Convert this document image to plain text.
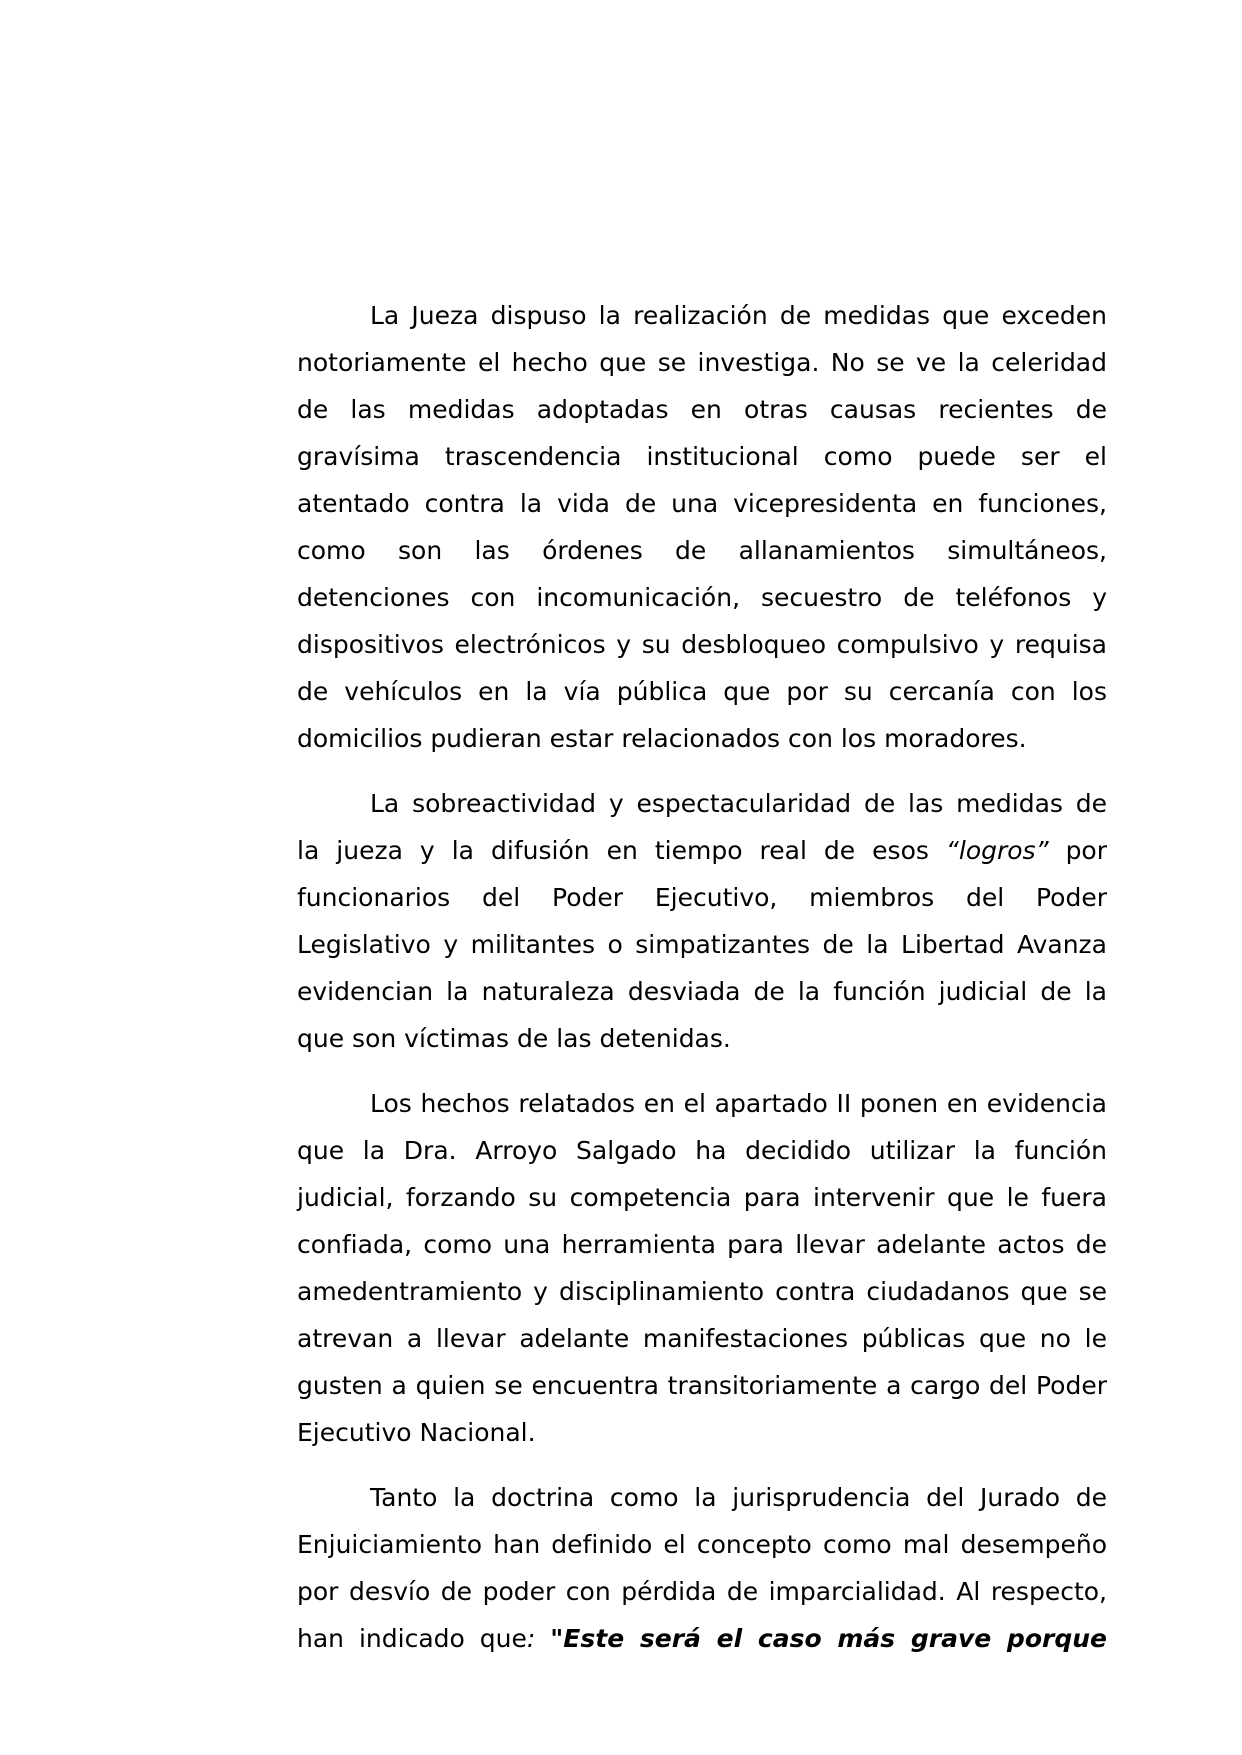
La Jueza dispuso la realización de medidas que exceden
notoriamente el hecho que se investiga. No se ve la celeridad
de las medidas adoptadas en otras causas recientes de
gravísima trascendencia institucional como puede ser el
atentado contra la vida de una vicepresidenta en funciones,
como son las órdenes de allanamientos simultáneos,
detenciones con incomunicación, secuestro de teléfonos y
dispositivos electrónicos y su desbloqueo compulsivo y requisa
de vehículos en la vía pública que por su cercanía con los
domicilios pudieran estar relacionados con los moradores.
La sobreactividad y espectacularidad de las medidas de
la jueza y la difusión en tiempo real de esos “logros” por
funcionarios del Poder Ejecutivo, miembros del Poder
Legislativo y militantes o simpatizantes de la Libertad Avanza
evidencian la naturaleza desviada de la función judicial de la
que son víctimas de las detenidas.
Los hechos relatados en el apartado II ponen en evidencia
que la Dra. Arroyo Salgado ha decidido utilizar la función
judicial, forzando su competencia para intervenir que le fuera
confiada, como una herramienta para llevar adelante actos de
amedentramiento y disciplinamiento contra ciudadanos que se
atrevan a llevar adelante manifestaciones públicas que no le
gusten a quien se encuentra transitoriamente a cargo del Poder
Ejecutivo Nacional.
Tanto la doctrina como la jurisprudencia del Jurado de
Enjuiciamiento han definido el concepto como mal desempeño
por desvío de poder con pérdida de imparcialidad. Al respecto,
han indicado que: "Este será el caso más grave porque
